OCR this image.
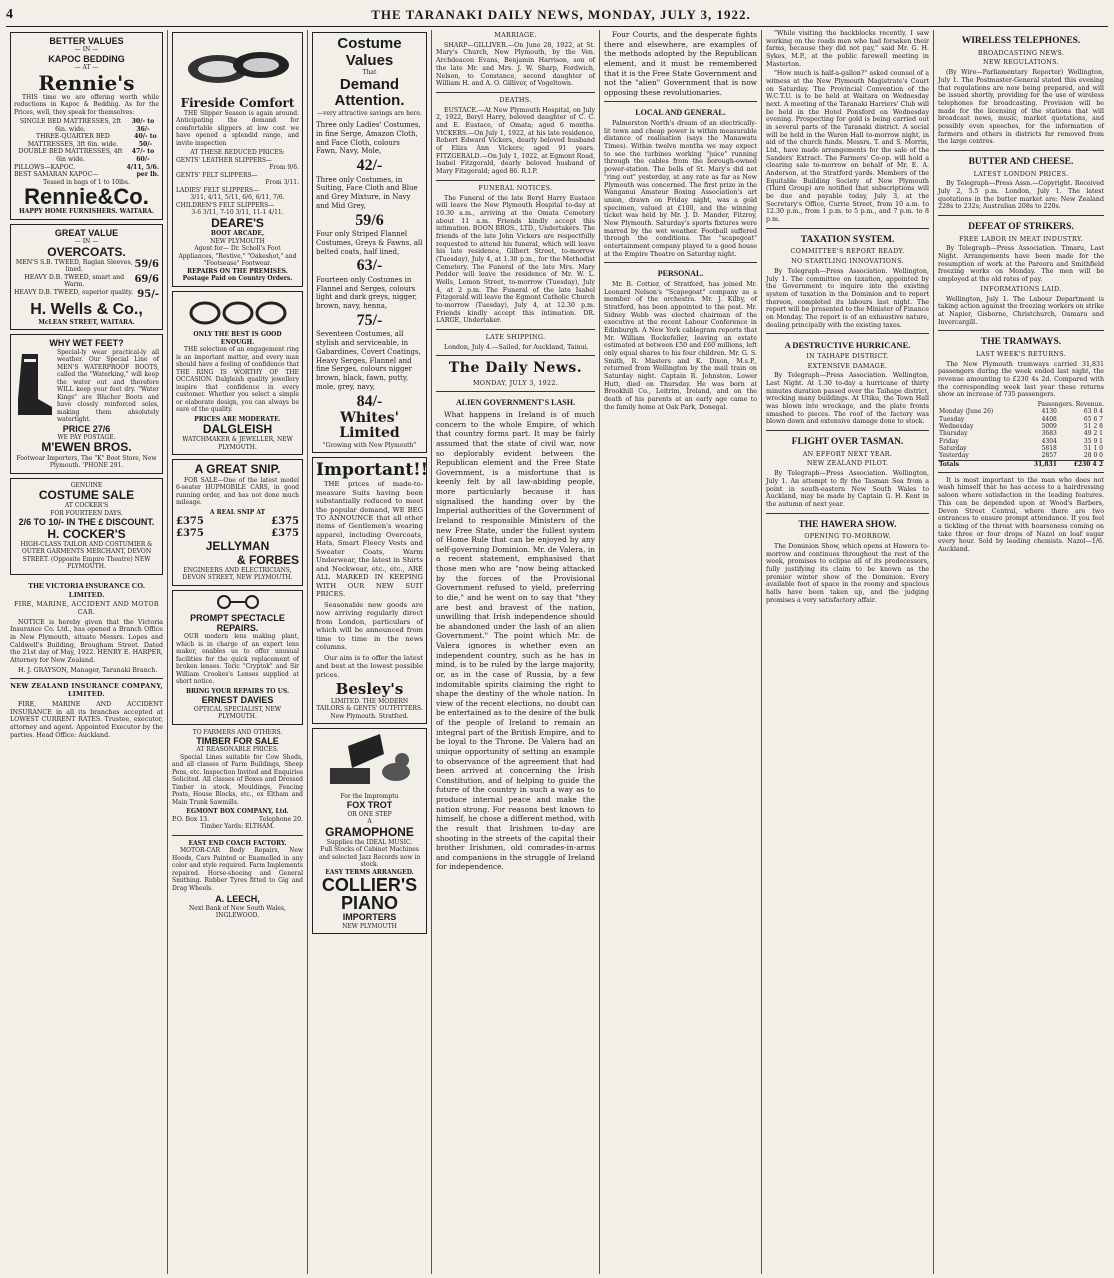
4	THE TARANAKI DAILY NEWS, MONDAY, JULY 3, 1922.
BETTER VALUES
— IN —
KAPOC BEDDING
— AT —
Rennie's
THIS time we are offering worth while reductions in Kapoc & Bedding. As for the Prices, well, they speak for themselves:
SINGLE BED MATTRESSES, 2ft 6in. wide.
30/- to 36/-
THREE-QUARTER BED MATTRESSES, 3ft 6in. wide.
40/- to 50/-
DOUBLE BED MATTRESSES, 4ft 6in wide.
47/- to 60/-
PILLOWS—KAPOC.	4/11, 5/6.
BEST SAMARAN KAPOC—	per lb.
Teased in bags of 1 to 10lbs.
Rennie&Co.
HAPPY HOME FURNISHERS. WAITARA.
GREAT VALUE
— IN —
OVERCOATS.
MEN'S S.B. TWEED, Raglan Sleeves, lined.
59/6
HEAVY D.B. TWEED, smart and Warm.
69/6
HEAVY D.B. TWEED, superior quality. 95/-
H. Wells & Co.,
McLEAN STREET, WAITARA.
WHY WET FEET?
Special-ly wear practical-ly all weather. Our Special Line of MEN'S WATERPROOF BOOTS, called the "Waterking," will keep the water out and therefore WILL keep your feet dry. "Water Kings" are Blucher Boots and have closely reinforced soles, making them absolutely watertight.
PRICE 27/6
WE PAY POSTAGE.
M'EWEN BROS.
Footwear Importers, The "K" Boot Store, New Plymouth. 'PHONE 291.
GENUINE
COSTUME SALE
AT COCKER'S
FOR FOURTEEN DAYS.
2/6 TO 10/- IN THE £ DISCOUNT.
H. COCKER'S
HIGH-CLASS TAILOR AND COSTUMIER & OUTER GARMENTS MERCHANT, DEVON STREET. (Opposite Empire Theatre) NEW PLYMOUTH.
THE VICTORIA INSURANCE CO. LIMITED.
FIRE, MARINE, ACCIDENT AND MOTOR CAR.
NOTICE is hereby given that the Victoria Insurance Co. Ltd., has opened a Branch Office in New Plymouth, situate Messrs. Lopes and Caldwell's Building, Brougham Street. Dated the 21st day of May, 1922. HENRY E. HARPER, Attorney for New Zealand.
H. J. GRAYSON, Manager, Taranaki Branch.
NEW ZEALAND INSURANCE COMPANY, LIMITED.
FIRE, MARINE AND ACCIDENT INSURANCE in all its branches accepted at LOWEST CURRENT RATES. Trustee, executor, attorney and agent. Appointed Executor by the parties. Head Office: Auckland.
Fireside Comfort
THE Slipper Season is again around. Anticipating the demand for comfortable slippers at low cost we have opened a splendid range, and invite inspection
AT THESE REDUCED PRICES:
GENTS' LEATHER SLIPPERS—
From 9/6.
GENTS' FELT SLIPPERS—
From 3/11.
LADIES' FELT SLIPPERS—
3/11, 4/11, 5/11, 6/6, 6/11, 7/6.
CHILDREN'S FELT SLIPPERS—
3-6 3/11, 7-10 3/11, 11-1 4/11.
DEARE'S
BOOT ARCADE,
NEW PLYMOUTH
Agent for— Dr. Scholl's Foot Appliances, "Restive," "Oakeshot," and "Footsease" Footwear.
REPAIRS ON THE PREMISES. Postage Paid on Country Orders.
ONLY THE BEST IS GOOD ENOUGH.
THE selection of an engagement ring is an important matter, and every man should have a feeling of confidence that THE RING IS WORTHY OF THE OCCASION. Dalgleish quality jewellery inspire that confidence in every customer. Whether you select a simple or elaborate design, you can always be sure of the quality.
PRICES ARE MODERATE.
DALGLEISH
WATCHMAKER & JEWELLER, NEW PLYMOUTH.
A GREAT SNIP.
FOR SALE—One of the latest model 6-seater HUPMOBILE CARS, in good running order, and has not done much mileage.
A REAL SNIP AT
£375	£375
£375	£375
JELLYMAN
& FORBES
ENGINEERS AND ELECTRICIANS, DEVON STREET, NEW PLYMOUTH.
PROMPT SPECTACLE REPAIRS.
OUR modern lens making plant, which is in charge of an expert lens maker, enables us to offer unusual facilities for the quick replacement of broken lenses. Toric "Cryptok" and Sir William Crookes's Lenses supplied at short notice.
BRING YOUR REPAIRS TO US.
ERNEST DAVIES
OPTICAL SPECIALIST, NEW PLYMOUTH.
TO FARMERS AND OTHERS.
TIMBER FOR SALE
AT REASONABLE PRICES.
Special Lines suitable for Cow Sheds, and all classes of Farm Buildings, Sheep Pens, etc. Inspection Invited and Enquiries Solicited. All classes of Boxes and Dressed Timber in stock, Mouldings, Fencing Posts, House Blocks, etc., ex Eltham and Main Trunk Sawmills.
EGMONT BOX COMPANY, Ltd.
P.O. Box 13.	Telephone 20.
Timber Yards: ELTHAM.
EAST END COACH FACTORY.
MOTOR-CAR Body Repairs, New Hoods, Cars Painted or Enamelled in any color and style required. Farm Implements repaired. Horse-shoeing and General Smithing. Rubber Tyres fitted to Gig and Drag Wheels.
A. LEECH,
Next Bank of New South Wales, INGLEWOOD.
Costume
Values
That
Demand
Attention.
—very attractive savings are here.
Three only Ladies' Costumes, in fine Serge, Amazon Cloth, and Face Cloth, colours Fawn, Navy, Mole,
42/-
Three only Costumes, in Suiting, Face Cloth and Blue and Grey Mixture, in Navy and Mid Grey,
59/6
Four only Striped Flannel Costumes, Greys & Fawns, all belted coats, half lined,
63/-
Fourteen only Costumes in Flannel and Serges, colours light and dark greys, nigger, brown, navy, henna,
75/-
Seventeen Costumes, all stylish and serviceable, in Gabardines, Covert Coatings, Heavy Serges, Flannel and fine Serges, colours nigger brown, black, fawn, putty, mole, grey, navy,
84/-
Whites' Limited
"Growing with New Plymouth"
Important!!
THE prices of made-to-measure Suits having been substantially reduced to meet the popular demand, WE BEG TO ANNOUNCE that all other items of Gentlemen's wearing apparel, including Overcoats, Hats, Smart Fleecy Vests and Sweater Coats, Warm Underwear, the latest in Shirts and Neckwear, etc., etc., ARE ALL MARKED IN KEEPING WITH OUR NEW SUIT PRICES.
Seasonable new goods are now arriving regularly direct from London, particulars of which will be announced from time to time in the news columns.
Our aim is to offer the latest and best at the lowest possible prices.
Besley's
LIMITED. THE MODERN TAILORS & GENTS' OUTFITTERS.
New Plymouth. Stratford.
For the Impromptu
FOX TROT
OR ONE STEP
A
GRAMOPHONE
Supplies the IDEAL MUSIC.
Full Stocks of Cabinet Machines and selected Jazz Records now in stock.
EASY TERMS ARRANGED.
COLLIER'S
PIANO
IMPORTERS
NEW PLYMOUTH
MARRIAGE.
SHARP—GILLIVER.—On June 28, 1922, at St. Mary's Church, New Plymouth, by the Ven. Archdeacon Evans, Benjamin Harrison, son of the late Mr. and Mrs. J. W. Sharp, Fordwich, Nelson, to Constance, second daughter of William H. and A. O. Gilliver, of Vogeltown.
DEATHS.
EUSTACE.—At New Plymouth Hospital, on July 2, 1922, Beryl Harry, beloved daughter of C. C. and E. Eustace, of Omata; aged 6 months. VICKERS.—On July 1, 1922, at his late residence, Robert Edward Vickers, dearly beloved husband of Eliza Ann Vickers; aged 91 years. FITZGERALD.—On July 1, 1922, at Egmont Road, Isabel Fitzgerald, dearly beloved husband of Mary Fitzgerald; aged 86. R.I.P.
FUNERAL NOTICES.
The Funeral of the late Beryl Harry Eustace will leave the New Plymouth Hospital to-day at 10.30 a.m., arriving at the Omata Cemetery about 11 a.m. Friends kindly accept this intimation. BOON BROS., LTD., Undertakers. The friends of the late John Vickers are respectfully requested to attend his funeral, which will leave his late residence, Gilbert Street, to-morrow (Tuesday), July 4, at 1.30 p.m., for the Methodist Cemetery. The Funeral of the late Mrs. Mary Pedder will leave the residence of Mr. W. L. Wells, Lemon Street, to-morrow (Tuesday), July 4, at 2 p.m. The Funeral of the late Isabel Fitzgerald will leave the Egmont Catholic Church to-morrow (Tuesday), July 4, at 12.30 p.m. Friends kindly accept this intimation. DR. LARGE, Undertaker.
LATE SHIPPING.
London, July 4.—Sailed, for Auckland, Tainui.
The Daily News.
MONDAY, JULY 3, 1922.
ALIEN GOVERNMENT'S LASH.
What happens in Ireland is of much concern to the whole Empire, of which that country forms part. It may be fairly assumed that the state of civil war, now so deplorably evident between the Republican element and the Free State Government, is a misfortune that is keenly felt by all law-abiding people, more particularly because it has signalised the handing over by the Imperial authorities of the Government of Ireland to responsible Ministers of the new Free State, under the fullest system of Home Rule that can be enjoyed by any self-governing Dominion. Mr. de Valera, in a recent statement, emphasised that those men who are "now being attacked by the forces of the Provisional Government refused to yield, preferring to die," and he went on to say that "they are best and bravest of the nation, unwilling that Irish independence should be abandoned under the lash of an alien Government." The point which Mr. de Valera ignores is whether even an independent country, such as he has in mind, is to be ruled by the large majority, or, as in the case of Russia, by a few indomitable spirits claiming the right to shape the destiny of the whole nation. In view of the recent elections, no doubt can be entertained as to the desire of the bulk of the people of Ireland to remain an integral part of the British Empire, and to be loyal to the Throne. De Valera had an unique opportunity of setting an example to observance of the agreement that had been arrived at concerning the Irish Constitution, and of helping to guide the future of the country in such a way as to produce internal peace and make the nation strong. For reasons best known to himself, he chose a different method, with the result that Irishmen to-day are shooting in the streets of the capital their brother Irishmen, old comrades-in-arms and companions in the struggle of Ireland for independence.
Four Courts, and the desperate fights there and elsewhere, are examples of the methods adopted by the Republican element, and it must be remembered that it is the Free State Government and not the "alien" Government that is now opposing these revolutionaries.
LOCAL AND GENERAL.
Palmerston North's dream of an electrically-lit town and cheap power is within measurable distance of realisation (says the Manawatu Times). Within twelve months we may expect to see the turbines working "juice" running through the cables from the borough-owned power-station. The bells of St. Mary's did not "ring out" yesterday, at any rate as far as New Plymouth was concerned. The first prize in the Wanganui Amateur Boxing Association's art union, drawn on Friday night, was a gold specimen, valued at £100, and the winning ticket was held by Mr. J. D. Mander, Fitzroy, New Plymouth. Saturday's sports fixtures were marred by the wet weather. Football suffered through the conditions. The "scapegoat" entertainment company played to a good house at the Empire Theatre on Saturday night.
PERSONAL.
Mr. B. Cottier, of Stratford, has joined Mr. Leonard Nelson's "Scapegoat" company as a member of the orchestra. Mr. J. Kilby, of Stratford, has been appointed to the post. Mr. Sidney Webb was elected chairman of the executive at the recent Labour Conference in Edinburgh. A New York cablegram reports that Mr. William Rockefeller, leaving an estate estimated at between £50 and £60 millions, left only equal shares to his four children. Mr. G. S. Smith, R. Masters and K. Dixon, M.s.P., returned from Wellington by the mail train on Saturday night. Captain R. Johnston, Lower Hutt, died on Thursday. He was born at Brookhill Co., Leitrim, Ireland, and on the death of his parents at an early age came to the family home at Oak Park, Donegal.
"While visiting the backblocks recently, I saw working on the roads men who had forsaken their farms, because they did not pay," said Mr. G. H. Sykes, M.P., at the public farewell meeting in Masterton.
"How much is half-a-gallon?" asked counsel of a witness at the New Plymouth Magistrate's Court on Saturday. The Provincial Convention of the W.C.T.U. is to be held at Waitara on Wednesday next. A meeting of the Taranaki Harriers' Club will be held in the Hotel Ponsford on Wednesday evening. Prospecting for gold is being carried out in several parts of the Taranaki district. A social will be held in the Waren Hall to-morrow night, in aid of the church funds. Messrs. T. and S. Morrin, Ltd., have made arrangements for the sale of the Sanders' Extract. The Farmers' Co-op. will hold a clearing sale to-morrow on behalf of Mr. E. A. Anderson, at the Stratford yards. Members of the Equitable Building Society of New Plymouth (Third Group) are notified that subscriptions will be due and payable today, July 3, at the Secretary's Office, Currie Street, from 10 a.m. to 12.30 p.m., from 1 p.m. to 5 p.m., and 7 p.m. to 8 p.m.
TAXATION SYSTEM.
COMMITTEE'S REPORT READY.
NO STARTLING INNOVATIONS.
By Telegraph—Press Association. Wellington, July 1. The committee on taxation, appointed by the Government to inquire into the existing system of taxation in the Dominion and to report thereon, completed its labours last night. The report will be presented to the Minister of Finance on Monday. The report is of an exhaustive nature, dealing principally with the existing taxes.
A DESTRUCTIVE HURRICANE.
IN TAIHAPE DISTRICT.
EXTENSIVE DAMAGE.
By Telegraph—Press Association. Wellington, Last Night. At 1.30 to-day a hurricane of thirty minutes duration passed over the Taihape district, wrecking many buildings. At Utiku, the Town Hall was blown into wreckage, and the plate fronts smashed to pieces. The roof of the factory was blown down and extensive damage done to stock.
FLIGHT OVER TASMAN.
AN EFFORT NEXT YEAR.
NEW ZEALAND PILOT.
By Telegraph—Press Association. Wellington, July 1. An attempt to fly the Tasman Sea from a point in south-eastern New South Wales to Auckland, may be made by Captain G. H. Kent in the autumn of next year.
THE HAWERA SHOW.
OPENING TO-MORROW.
The Dominion Show, which opens at Hawera to-morrow and continues throughout the rest of the week, promises to eclipse all of its predecessors, fully justifying its claim to be known as the premier winter show of the Dominion. Every available foot of space in the roomy and spacious halls have been taken up, and the judging promises a very satisfactory affair.
WIRELESS TELEPHONES.
BROADCASTING NEWS.
NEW REGULATIONS.
(By Wire—Parliamentary Reporter) Wellington, July 1. The Postmaster-General stated this evening that regulations are now being prepared, and will be issued shortly, providing for the use of wireless telephones for broadcasting. Provision will be made for the licensing of the stations that will broadcast news, music, market quotations, and possibly even speeches, for the information of farmers and others in districts far removed from the large centres.
BUTTER AND CHEESE.
LATEST LONDON PRICES.
By Telegraph—Press Assn.—Copyright. Received July 2, 5.5 p.m. London, July 1. The latest quotations in the butter market are: New Zealand 228s to 232s; Australian 208s to 220s.
DEFEAT OF STRIKERS.
FREE LABOR IN MEAT INDUSTRY.
By Telegraph—Press Association. Timaru, Last Night. Arrangements have been made for the resumption of work at the Pareora and Smithfield freezing works on Monday. The men will be employed at the old rates of pay.
INFORMATIONS LAID.
Wellington, July 1. The Labour Department is taking action against the freezing workers on strike at Napier, Gisborne, Christchurch, Oamaru and Invercargill.
THE TRAMWAYS.
LAST WEEK'S RETURNS.
The New Plymouth tramways carried 31,831 passengers during the week ended last night, the revenue amounting to £230 4s 2d. Compared with the corresponding week last year these returns show an increase of 735 passengers.
Passengers. Revenue.
Monday (June 26)	4130	63 0 4
Tuesday	4408	65 6 7
Wednesday	5009	51 2 8
Thursday	3683	49 2 1
Friday	4304	35 9 1
Saturday	5818	51 1 0
Yesterday	2857	28 0 0
Totals	31,831	£230 4 2
It is most important to the man who does not wash himself that he has access to a hairdressing saloon where satisfaction in the leading features. This can be depended upon at Wood's Barbers, Devon Street Central, where there are two entrances to ensure prompt attendance. If you feel a tickling of the throat with hoarseness coming on take three or four drops of Nazol on loaf sugar every hour. Sold by leading chemists. Nazol—1/6. Auckland.
